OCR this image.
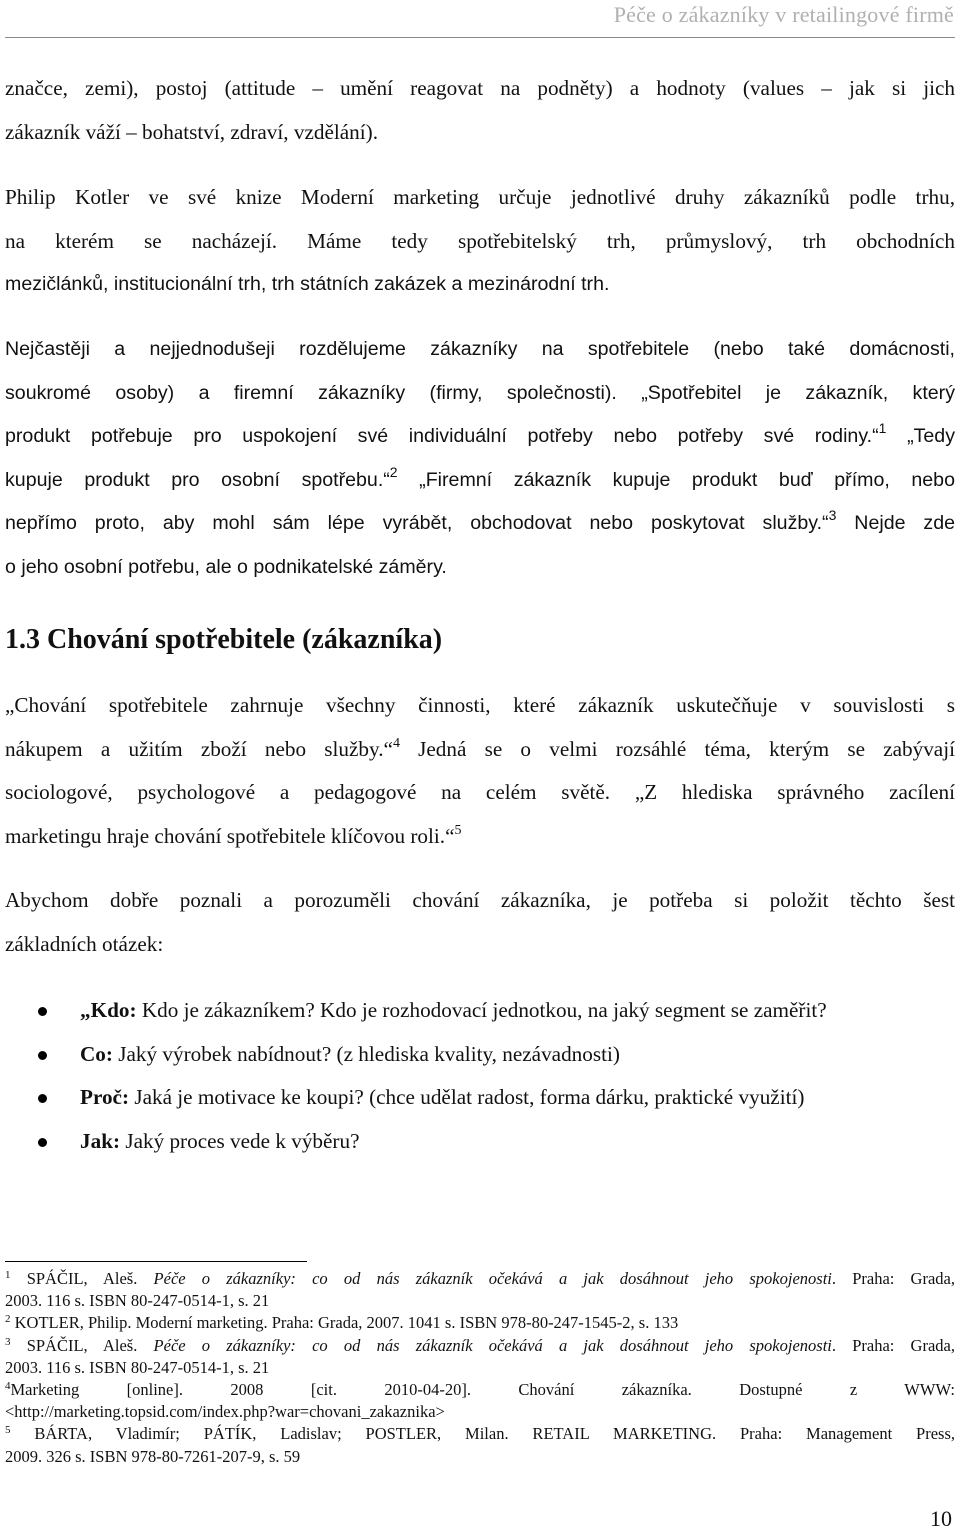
Péče o zákazníky v retailingové firmě
značce, zemi), postoj (attitude – umění reagovat na podněty) a hodnoty (values – jak si jich
zákazník váží – bohatství, zdraví, vzdělání).
Philip Kotler ve své knize Moderní marketing určuje jednotlivé druhy zákazníků podle trhu,
na kterém se nacházejí. Máme tedy spotřebitelský trh, průmyslový, trh obchodních
mezičlánků, institucionální trh, trh státních zakázek a mezinárodní trh.
Nejčastěji a nejjednodušeji rozdělujeme zákazníky na spotřebitele (nebo také domácnosti,
soukromé osoby) a firemní zákazníky (firmy, společnosti). „Spotřebitel je zákazník, který
produkt potřebuje pro uspokojení své individuální potřeby nebo potřeby své rodiny.“$^1$ „Tedy
kupuje produkt pro osobní spotřebu.“$^2$ „Firemní zákazník kupuje produkt buď přímo, nebo
nepřímo proto, aby mohl sám lépe vyrábět, obchodovat nebo poskytovat služby.“$^3$ Nejde zde
o jeho osobní potřebu, ale o podnikatelské záměry.
1.3 Chování spotřebitele (zákazníka)
„Chování spotřebitele zahrnuje všechny činnosti, které zákazník uskutečňuje v souvislosti s
nákupem a užitím zboží nebo služby.“$^4$ Jedná se o velmi rozsáhlé téma, kterým se zabývají
sociologové, psychologové a pedagogové na celém světě. „Z hlediska správného zacílení
marketingu hraje chování spotřebitele klíčovou roli.“$^5$
Abychom dobře poznali a porozuměli chování zákazníka, je potřeba si položit těchto šest
základních otázek:
„Kdo: Kdo je zákazníkem? Kdo je rozhodovací jednotkou, na jaký segment se zaměřit?
Co: Jaký výrobek nabídnout? (z hlediska kvality, nezávadnosti)
Proč: Jaká je motivace ke koupi? (chce udělat radost, forma dárku, praktické využití)
Jak: Jaký proces vede k výběru?
$^1$ SPÁČIL, Aleš. Péče o zákazníky: co od nás zákazník očekává a jak dosáhnout jeho spokojenosti. Praha: Grada,
2003. 116 s. ISBN 80-247-0514-1, s. 21
$^2$ KOTLER, Philip. Moderní marketing. Praha: Grada, 2007. 1041 s. ISBN 978-80-247-1545-2, s. 133
$^3$ SPÁČIL, Aleš. Péče o zákazníky: co od nás zákazník očekává a jak dosáhnout jeho spokojenosti. Praha: Grada,
2003. 116 s. ISBN 80-247-0514-1, s. 21
$^4$Marketing [online]. 2008 [cit. 2010-04-20]. Chování zákazníka. Dostupné z WWW:
<http://marketing.topsid.com/index.php?war=chovani_zakaznika>
$^5$ BÁRTA, Vladimír; PÁTÍK, Ladislav; POSTLER, Milan. RETAIL MARKETING. Praha: Management Press,
2009. 326 s. ISBN 978-80-7261-207-9, s. 59
10
